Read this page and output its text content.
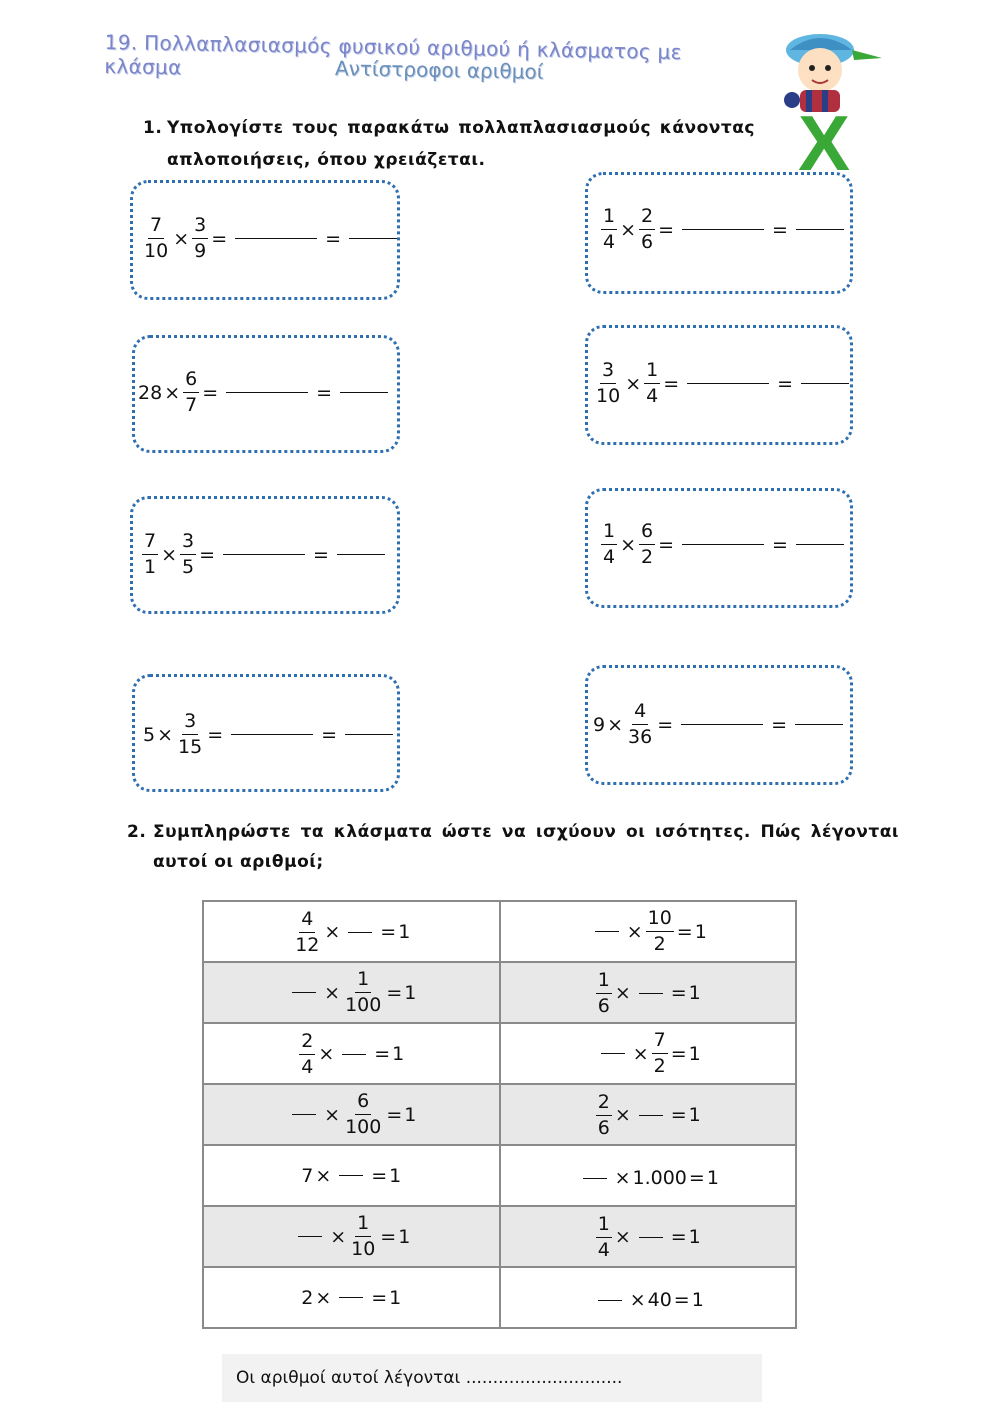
19. Πολλαπλασιασμός φυσικού αριθμού ή κλάσματος με κλάσμα	Αντίστροφοι αριθμοί
X
1. Υπολογίστε τους παρακάτω πολλαπλασιασμούς κάνοντας
απλοποιήσεις, όπου χρειάζεται.
$\frac{7}{10} \times \frac{3}{9}$ =	=	$\frac{1}{4} \times \frac{2}{6}$ =	=
$28 \times \frac{6}{7}$ =	=	$\frac{3}{10} \times \frac{1}{4}$ =	=
$\frac{7}{1} \times \frac{3}{5}$ =	=	$\frac{1}{4} \times \frac{6}{2}$ =	=
$5 \times \frac{3}{15}$ =	=	$9 \times \frac{4}{36}$ =	=
2. Συμπληρώστε τα κλάσματα ώστε να ισχύουν οι ισότητες. Πώς λέγονται
αυτοί οι αριθμοί;
$\frac{4}{12}$ × = 1	× $\frac{10}{2} = 1$

× $\frac{1}{100} = 1$	$\frac{1}{6}$ × = 1

$\frac{2}{4}$ × = 1	× $\frac{7}{2} = 1$

× $\frac{6}{100} = 1$	$\frac{2}{6}$ × = 1

7 × = 1	× 1.000 = 1

× $\frac{1}{10} = 1$	$\frac{1}{4}$ × = 1

2 × = 1	× 40 = 1
Οι αριθμοί αυτοί λέγονται .............................
